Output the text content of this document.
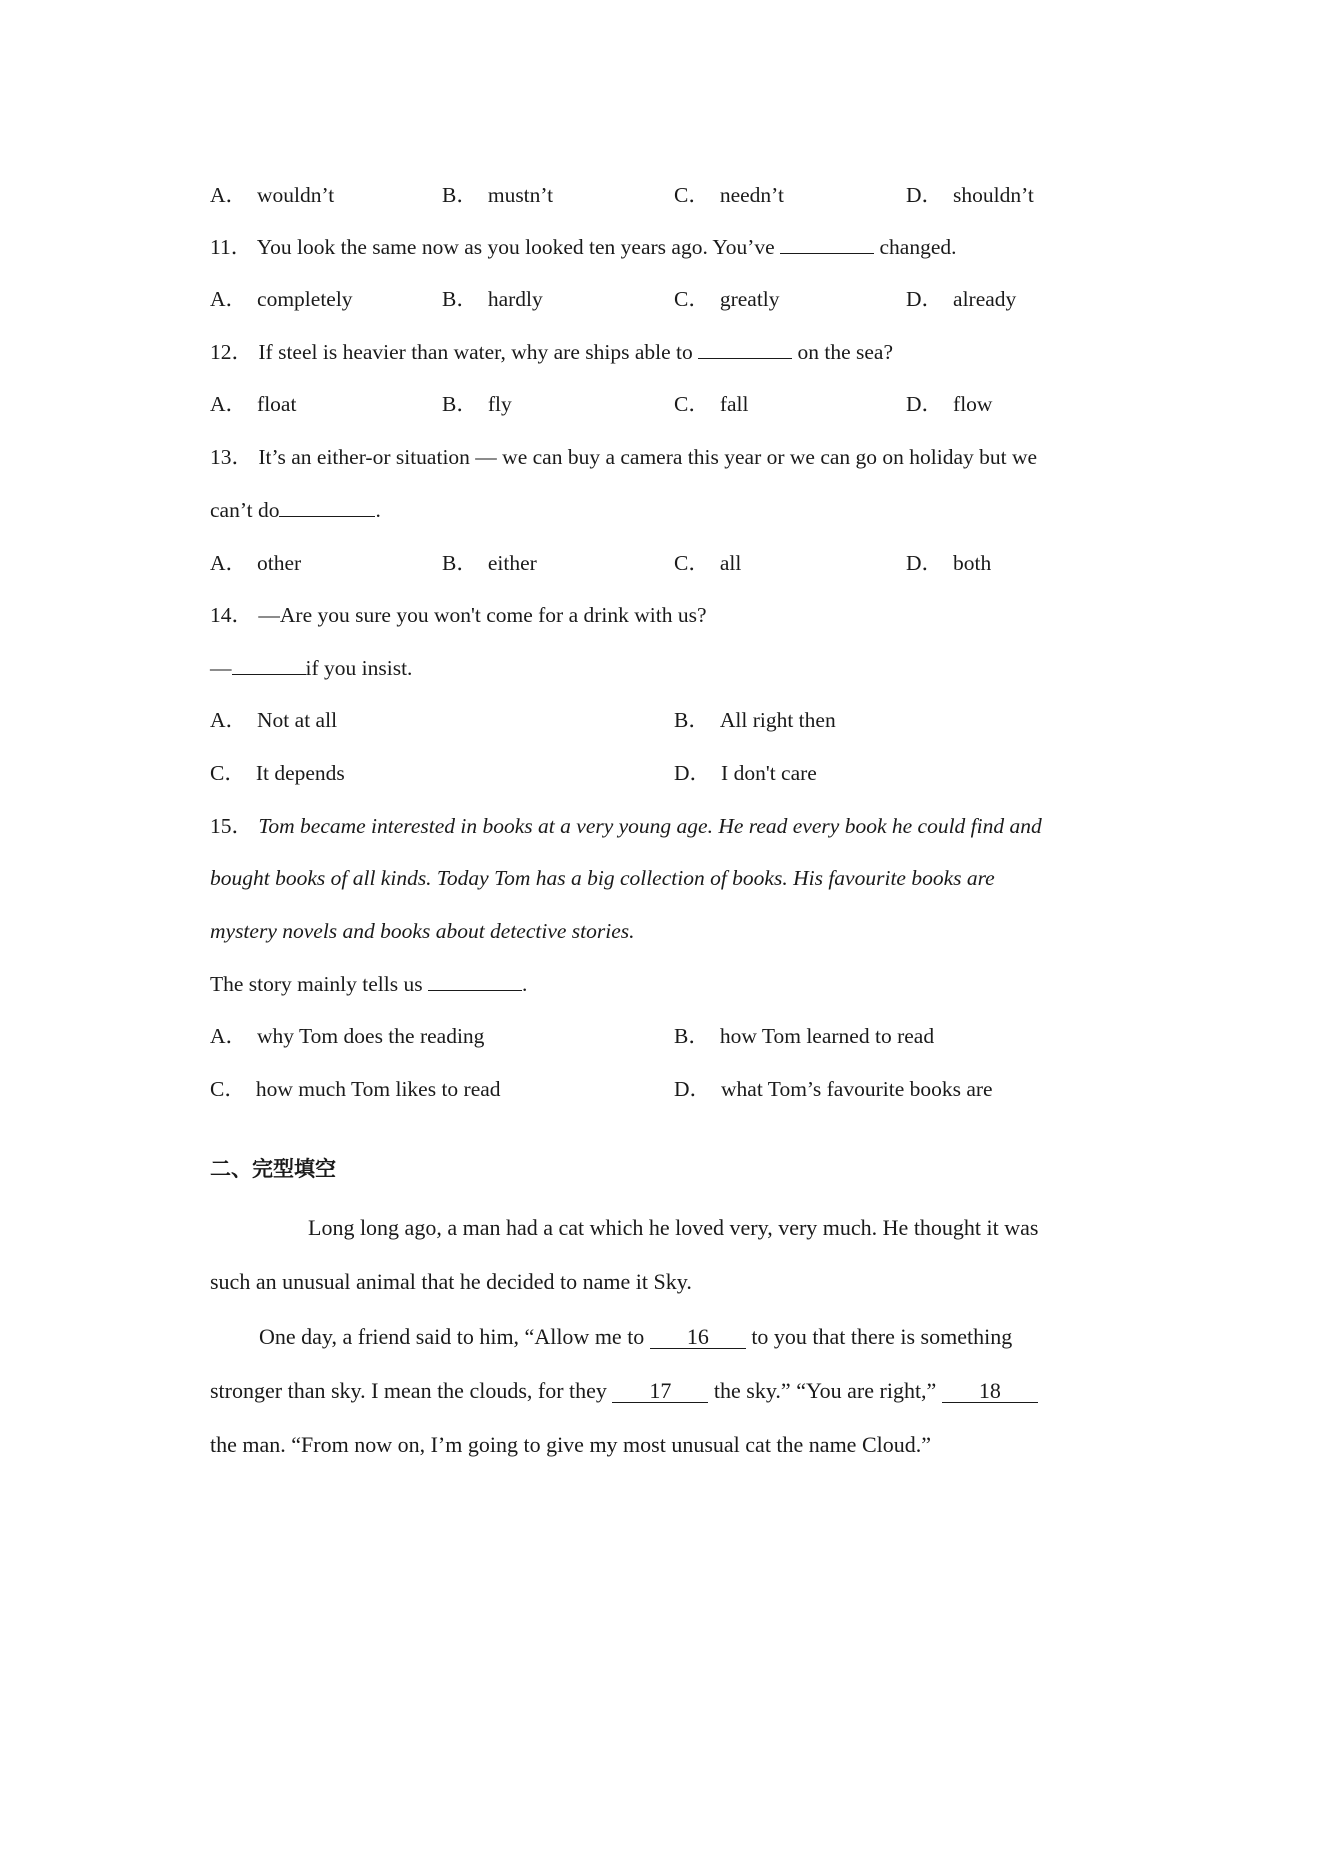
A． wouldn’t	B． mustn’t	C． needn’t	D． shouldn’t
11． You look the same now as you looked ten years ago. You’ve	changed.
A． completely	B． hardly	C． greatly	D． already
12． If steel is heavier than water, why are ships able to	on the sea?
A． float	B． fly	C． fall	D． flow
13． It’s an either-or situation — we can buy a camera this year or we can go on holiday but we
can’t do	.
A． other	B． either	C． all	D． both
14． —Are you sure you won't come for a drink with us?
—	if you insist.
A． Not at all	B． All right then
C． It depends	D． I don't care
15． Tom became interested in books at a very young age. He read every book he could find and
bought books of all kinds. Today Tom has a big collection of books. His favourite books are
mystery novels and books about detective stories.
The story mainly tells us	.
A． why Tom does the reading	B． how Tom learned to read
C． how much Tom likes to read	D． what Tom’s favourite books are
二、完型填空
Long long ago, a man had a cat which he loved very, very much. He thought it was
such an unusual animal that he decided to name it Sky.
One day, a friend said to him, “Allow me to 16 to you that there is something
stronger than sky. I mean the clouds, for they 17 the sky.” “You are right,” 18
the man. “From now on, I’m going to give my most unusual cat the name Cloud.”
